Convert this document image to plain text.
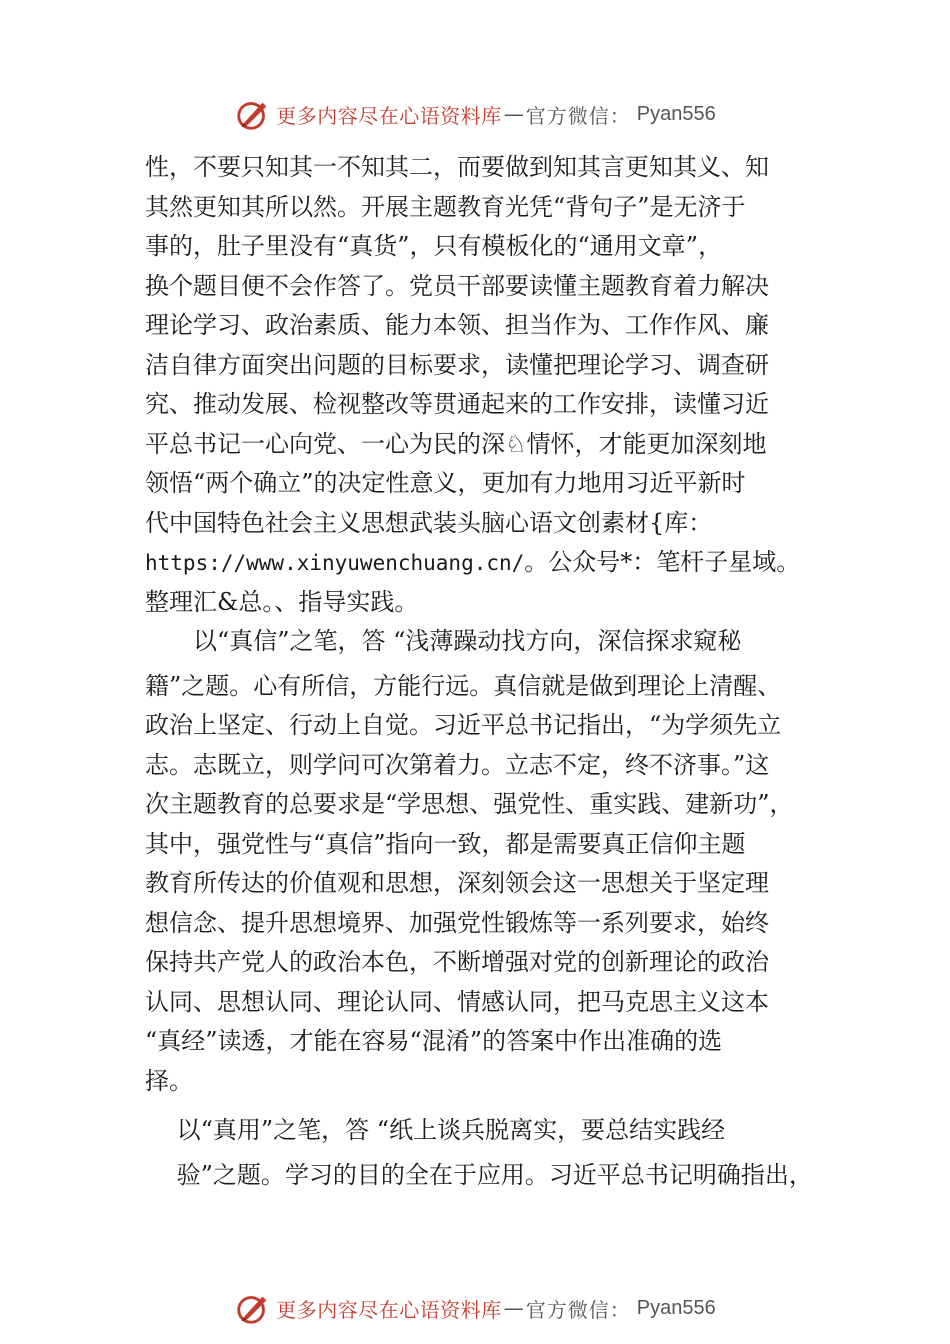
更多内容尽在心语资料库 — 官方微信： Pyan556
性，不要只知其一不知其二，而要做到知其言更知其义、知
其然更知其所以然。开展主题教育光凭“背句子”是无济于
事的，肚子里没有“真货”，只有模板化的“通用文章”，
换个题目便不会作答了。党员干部要读懂主题教育着力解决
理论学习、政治素质、能力本领、担当作为、工作作风、廉
洁自律方面突出问题的目标要求，读懂把理论学习、调查研
究、推动发展、检视整改等贯通起来的工作安排，读懂习近
平总书记一心向党、一心为民的深♘情怀，才能更加深刻地
领悟“两个确立”的决定性意义，更加有力地用习近平新时
代中国特色社会主义思想武装头脑心语文创素材{库：
https://www.xinyuwenchuang.cn/。公众号*：笔杆子星域。
整理汇&总。、指导实践。
　　以“真信”之笔，答 “浅薄躁动找方向，深信探求窥秘
籍”之题。心有所信，方能行远。真信就是做到理论上清醒、
政治上坚定、行动上自觉。习近平总书记指出，“为学须先立
志。志既立，则学问可次第着力。立志不定，终不济事。”这
次主题教育的总要求是“学思想、强党性、重实践、建新功”，
其中，强党性与“真信”指向一致，都是需要真正信仰主题
教育所传达的价值观和思想，深刻领会这一思想关于坚定理
想信念、提升思想境界、加强党性锻炼等一系列要求，始终
保持共产党人的政治本色，不断增强对党的创新理论的政治
认同、思想认同、理论认同、情感认同，把马克思主义这本
“真经”读透，才能在容易“混淆”的答案中作出准确的选
择。
　 以“真用”之笔，答 “纸上谈兵脱离实，要总结实践经
　 验”之题。学习的目的全在于应用。习近平总书记明确指出，
更多内容尽在心语资料库 — 官方微信： Pyan556
